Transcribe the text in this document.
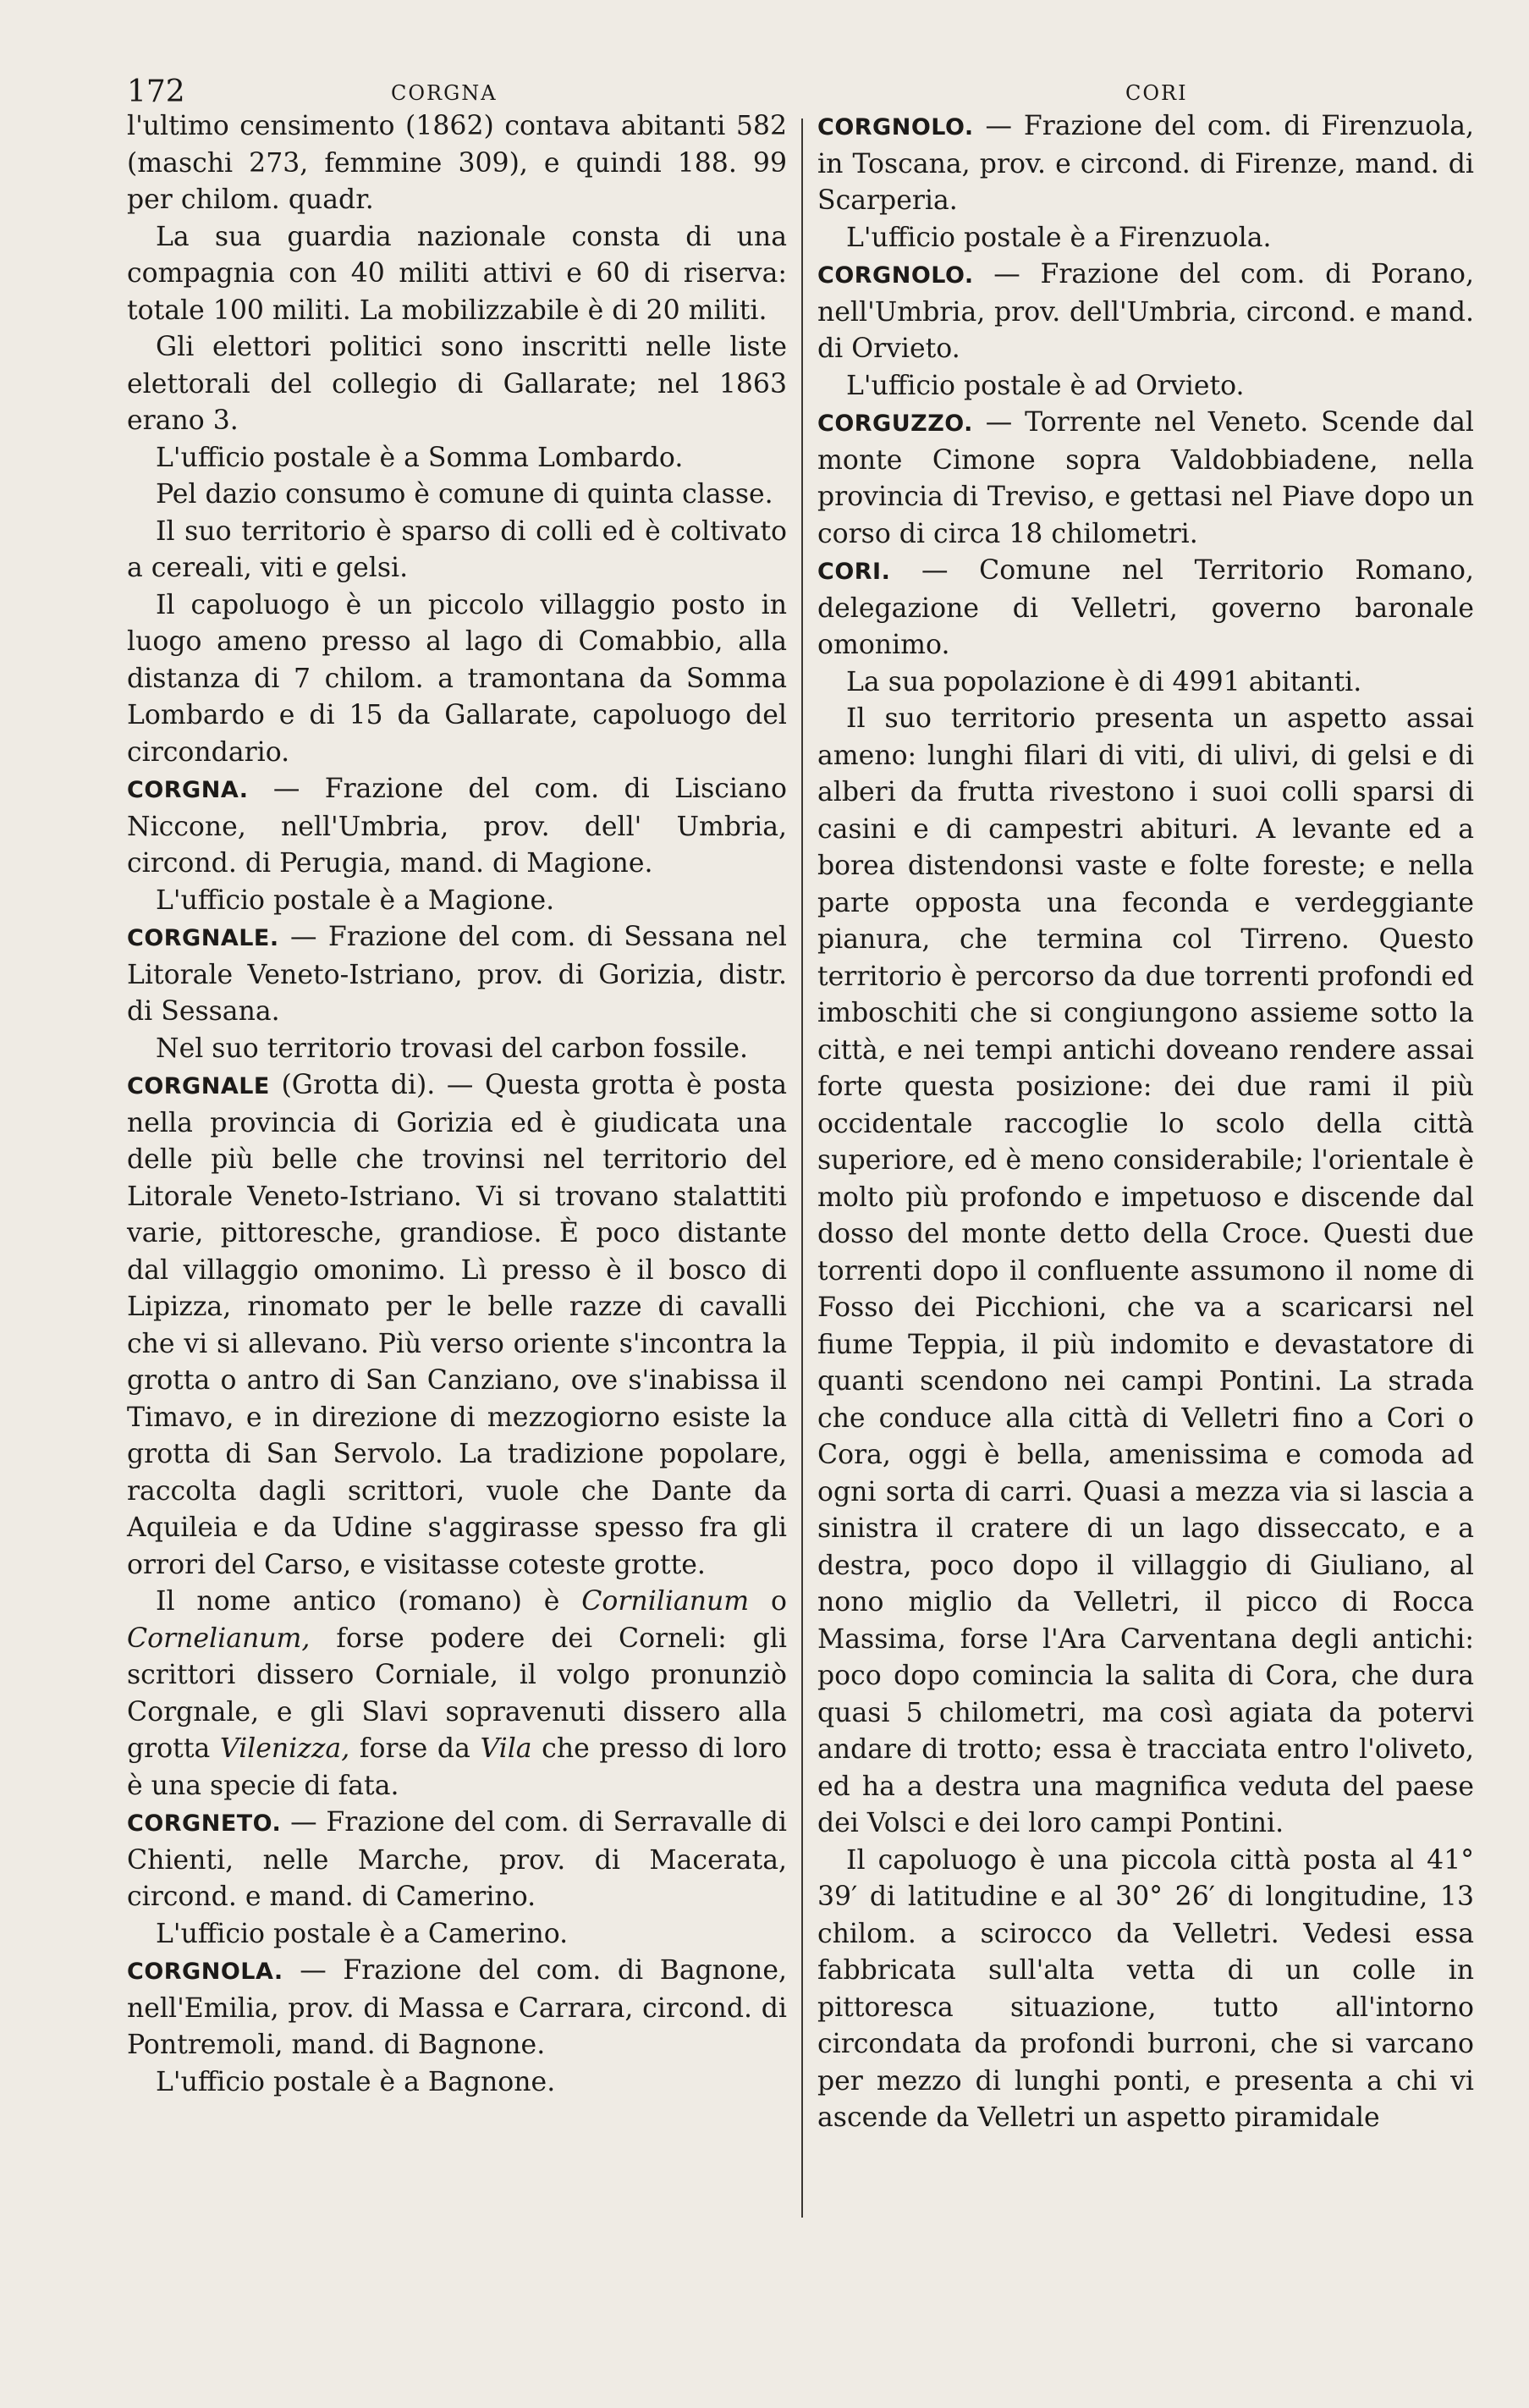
172	CORGNA	CORI

l'ultimo censimento (1862) contava abitanti 582 (maschi 273, femmine 309), e quindi 188. 99 per chilom. quadr.

La sua guardia nazionale consta di una compagnia con 40 militi attivi e 60 di riserva: totale 100 militi. La mobilizzabile è di 20 militi.

Gli elettori politici sono inscritti nelle liste elettorali del collegio di Gallarate; nel 1863 erano 3.

L'ufficio postale è a Somma Lombardo.

Pel dazio consumo è comune di quinta classe.

Il suo territorio è sparso di colli ed è coltivato a cereali, viti e gelsi.

Il capoluogo è un piccolo villaggio posto in luogo ameno presso al lago di Comabbio, alla distanza di 7 chilom. a tramontana da Somma Lombardo e di 15 da Gallarate, capoluogo del circondario.

CORGNA. — Frazione del com. di Lisciano Niccone, nell'Umbria, prov. dell' Umbria, circond. di Perugia, mand. di Magione.

L'ufficio postale è a Magione.

CORGNALE. — Frazione del com. di Sessana nel Litorale Veneto-Istriano, prov. di Gorizia, distr. di Sessana.

Nel suo territorio trovasi del carbon fossile.

CORGNALE (Grotta di). — Questa grotta è posta nella provincia di Gorizia ed è giudicata una delle più belle che trovinsi nel territorio del Litorale Veneto-Istriano. Vi si trovano stalattiti varie, pittoresche, grandiose. È poco distante dal villaggio omonimo. Lì presso è il bosco di Lipizza, rinomato per le belle razze di cavalli che vi si allevano. Più verso oriente s'incontra la grotta o antro di San Canziano, ove s'inabissa il Timavo, e in direzione di mezzogiorno esiste la grotta di San Servolo. La tradizione popolare, raccolta dagli scrittori, vuole che Dante da Aquileia e da Udine s'aggirasse spesso fra gli orrori del Carso, e visitasse coteste grotte.

Il nome antico (romano) è Cornilianum o Cornelianum, forse podere dei Corneli: gli scrittori dissero Corniale, il volgo pronunziò Corgnale, e gli Slavi sopravenuti dissero alla grotta Vilenizza, forse da Vila che presso di loro è una specie di fata.

CORGNETO. — Frazione del com. di Serravalle di Chienti, nelle Marche, prov. di Macerata, circond. e mand. di Camerino.

L'ufficio postale è a Camerino.

CORGNOLA. — Frazione del com. di Bagnone, nell'Emilia, prov. di Massa e Carrara, circond. di Pontremoli, mand. di Bagnone.

L'ufficio postale è a Bagnone.

CORGNOLO. — Frazione del com. di Firenzuola, in Toscana, prov. e circond. di Firenze, mand. di Scarperia.

L'ufficio postale è a Firenzuola.

CORGNOLO. — Frazione del com. di Porano, nell'Umbria, prov. dell'Umbria, circond. e mand. di Orvieto.

L'ufficio postale è ad Orvieto.

CORGUZZO. — Torrente nel Veneto. Scende dal monte Cimone sopra Valdobbiadene, nella provincia di Treviso, e gettasi nel Piave dopo un corso di circa 18 chilometri.

CORI. — Comune nel Territorio Romano, delegazione di Velletri, governo baronale omonimo.

La sua popolazione è di 4991 abitanti.

Il suo territorio presenta un aspetto assai ameno: lunghi filari di viti, di ulivi, di gelsi e di alberi da frutta rivestono i suoi colli sparsi di casini e di campestri abituri. A levante ed a borea distendonsi vaste e folte foreste; e nella parte opposta una feconda e verdeggiante pianura, che termina col Tirreno. Questo territorio è percorso da due torrenti profondi ed imboschiti che si congiungono assieme sotto la città, e nei tempi antichi doveano rendere assai forte questa posizione: dei due rami il più occidentale raccoglie lo scolo della città superiore, ed è meno considerabile; l'orientale è molto più profondo e impetuoso e discende dal dosso del monte detto della Croce. Questi due torrenti dopo il confluente assumono il nome di Fosso dei Picchioni, che va a scaricarsi nel fiume Teppia, il più indomito e devastatore di quanti scendono nei campi Pontini. La strada che conduce alla città di Velletri fino a Cori o Cora, oggi è bella, amenissima e comoda ad ogni sorta di carri. Quasi a mezza via si lascia a sinistra il cratere di un lago disseccato, e a destra, poco dopo il villaggio di Giuliano, al nono miglio da Velletri, il picco di Rocca Massima, forse l'Ara Carventana degli antichi: poco dopo comincia la salita di Cora, che dura quasi 5 chilometri, ma così agiata da potervi andare di trotto; essa è tracciata entro l'oliveto, ed ha a destra una magnifica veduta del paese dei Volsci e dei loro campi Pontini.

Il capoluogo è una piccola città posta al 41° 39′ di latitudine e al 30° 26′ di longitudine, 13 chilom. a scirocco da Velletri. Vedesi essa fabbricata sull'alta vetta di un colle in pittoresca situazione, tutto all'intorno circondata da profondi burroni, che si varcano per mezzo di lunghi ponti, e presenta a chi vi ascende da Velletri un aspetto piramidale
